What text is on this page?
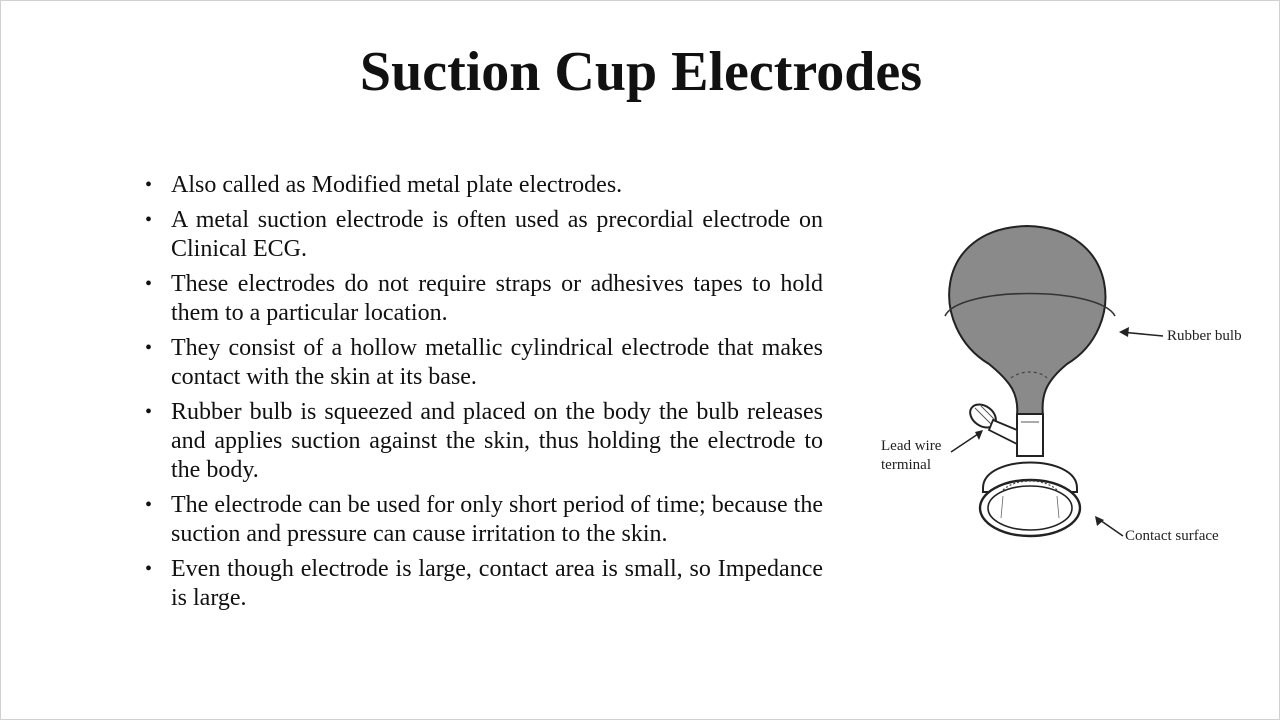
Suction Cup Electrodes
• Also called as Modified metal plate electrodes.
• A metal suction electrode is often used as precordial electrode on Clinical ECG.
• These electrodes do not require straps or adhesives tapes to hold them to a particular location.
• They consist of a hollow metallic cylindrical electrode that makes contact with the skin at its base.
• Rubber bulb is squeezed and placed on the body the bulb releases and applies suction against the skin, thus holding the electrode to the body.
• The electrode can be used for only short period of time; because the suction and pressure can cause irritation to the skin.
• Even though electrode is large, contact area is small, so Impedance is large.
Rubber bulb
Lead wire
terminal
Contact surface
